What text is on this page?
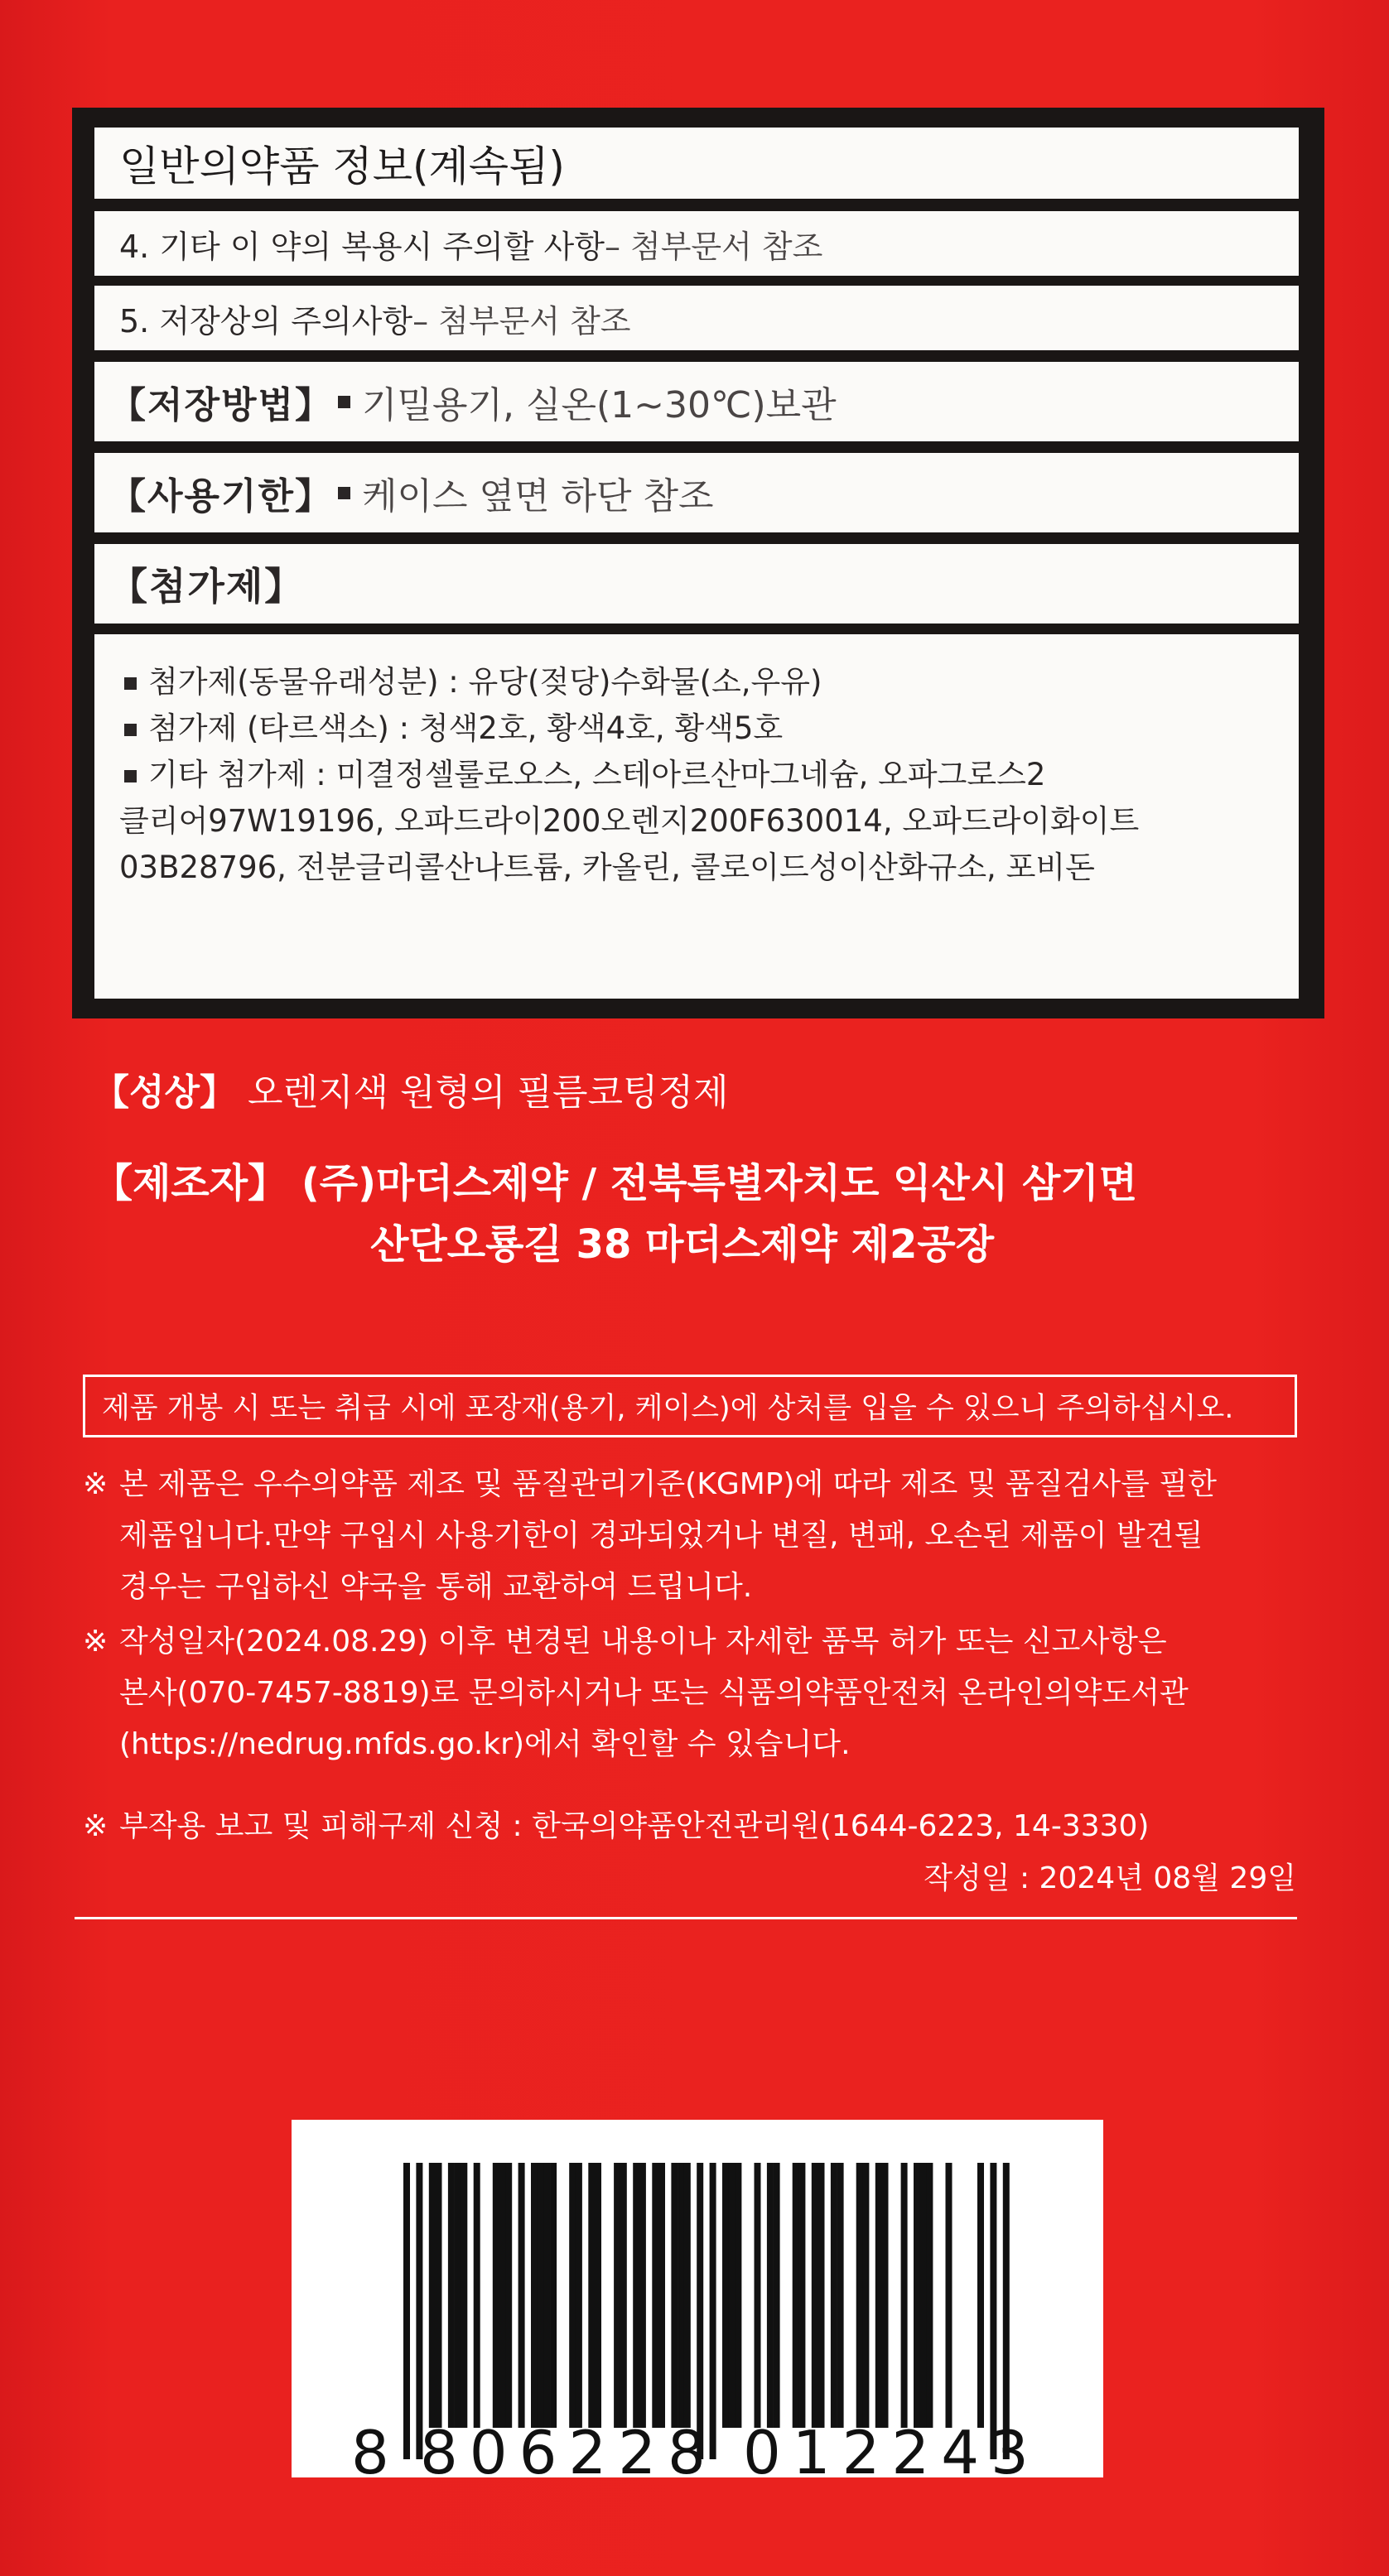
일반의약품 정보(계속됨)
4. 기타 이 약의 복용시 주의할 사항 – 첨부문서 참조
5. 저장상의 주의사항 – 첨부문서 참조
【저장방법】 기밀용기, 실온(1~30℃)보관
【사용기한】 케이스 옆면 하단 참조
【첨가제】
첨가제(동물유래성분) : 유당(젖당)수화물(소,우유)
첨가제 (타르색소) : 청색2호, 황색4호, 황색5호
기타 첨가제 : 미결정셀룰로오스, 스테아르산마그네슘, 오파그로스2
클리어97W19196, 오파드라이200오렌지200F630014, 오파드라이화이트
03B28796, 전분글리콜산나트륨, 카올린, 콜로이드성이산화규소, 포비돈
【성상】 오렌지색 원형의 필름코팅정제
【제조자】 (주)마더스제약 / 전북특별자치도 익산시 삼기면
산단오룡길 38 마더스제약 제2공장
제품 개봉 시 또는 취급 시에 포장재(용기, 케이스)에 상처를 입을 수 있으니 주의하십시오.
※ 본 제품은 우수의약품 제조 및 품질관리기준(KGMP)에 따라 제조 및 품질검사를 필한
제품입니다.만약 구입시 사용기한이 경과되었거나 변질, 변패, 오손된 제품이 발견될
경우는 구입하신 약국을 통해 교환하여 드립니다.
※ 작성일자(2024.08.29) 이후 변경된 내용이나 자세한 품목 허가 또는 신고사항은
본사(070-7457-8819)로 문의하시거나 또는 식품의약품안전처 온라인의약도서관
(https://nedrug.mfds.go.kr)에서 확인할 수 있습니다.
※ 부작용 보고 및 피해구제 신청 : 한국의약품안전관리원(1644-6223, 14-3330)
작성일 : 2024년 08월 29일
8 806228 012243
